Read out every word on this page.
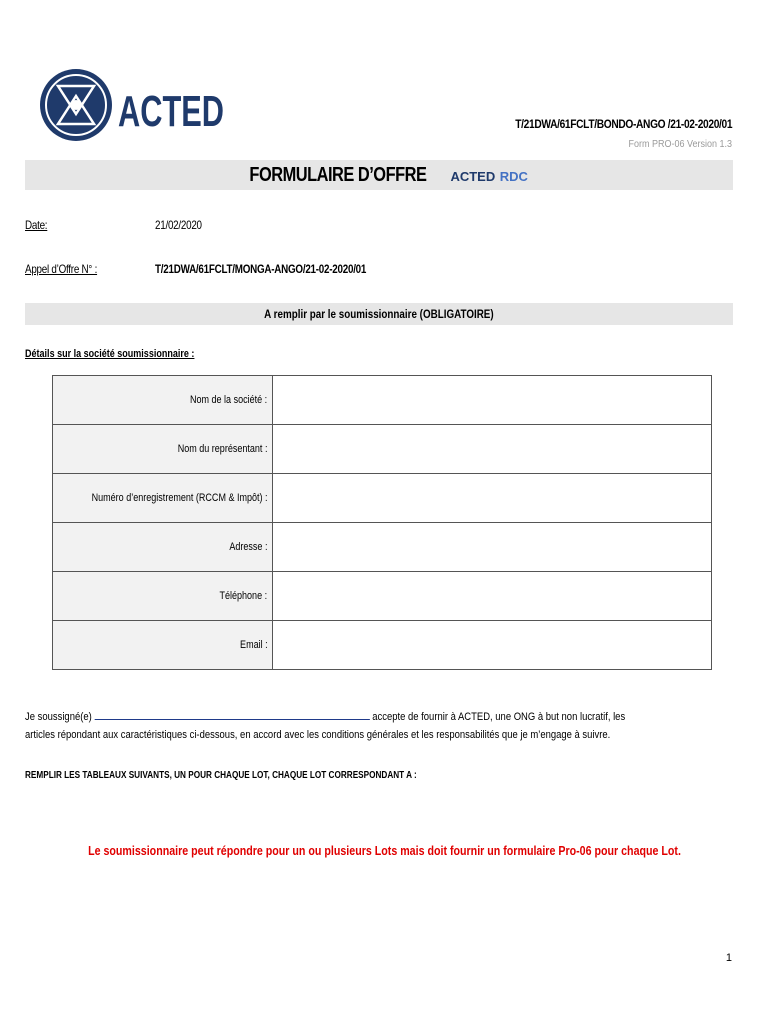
ACTED	T/21DWA/61FCLT/BONDO-ANGO /21-02-2020/01
Form PRO-06 Version 1.3
FORMULAIRE D’OFFRE ACTED RDC
Date:	21/02/2020
Appel d’Offre N° :	T/21DWA/61FCLT/MONGA-ANGO/21-02-2020/01
A remplir par le soumissionnaire (OBLIGATOIRE)
Détails sur la société soumissionnaire :
Nom de la société :	
Nom du représentant :	
Numéro d’enregistrement (RCCM & Impôt) :	
Adresse :	
Téléphone :	
Email :	
Je soussigné(e)	accepte de fournir à ACTED, une ONG à but non lucratif, les articles répondant aux caractéristiques ci-dessous, en accord avec les conditions générales et les responsabilités que je m’engage à suivre.
REMPLIR LES TABLEAUX SUIVANTS, UN POUR CHAQUE LOT, CHAQUE LOT CORRESPONDANT A :
Le soumissionnaire peut répondre pour un ou plusieurs Lots mais doit fournir un formulaire Pro-06 pour chaque Lot.
1
